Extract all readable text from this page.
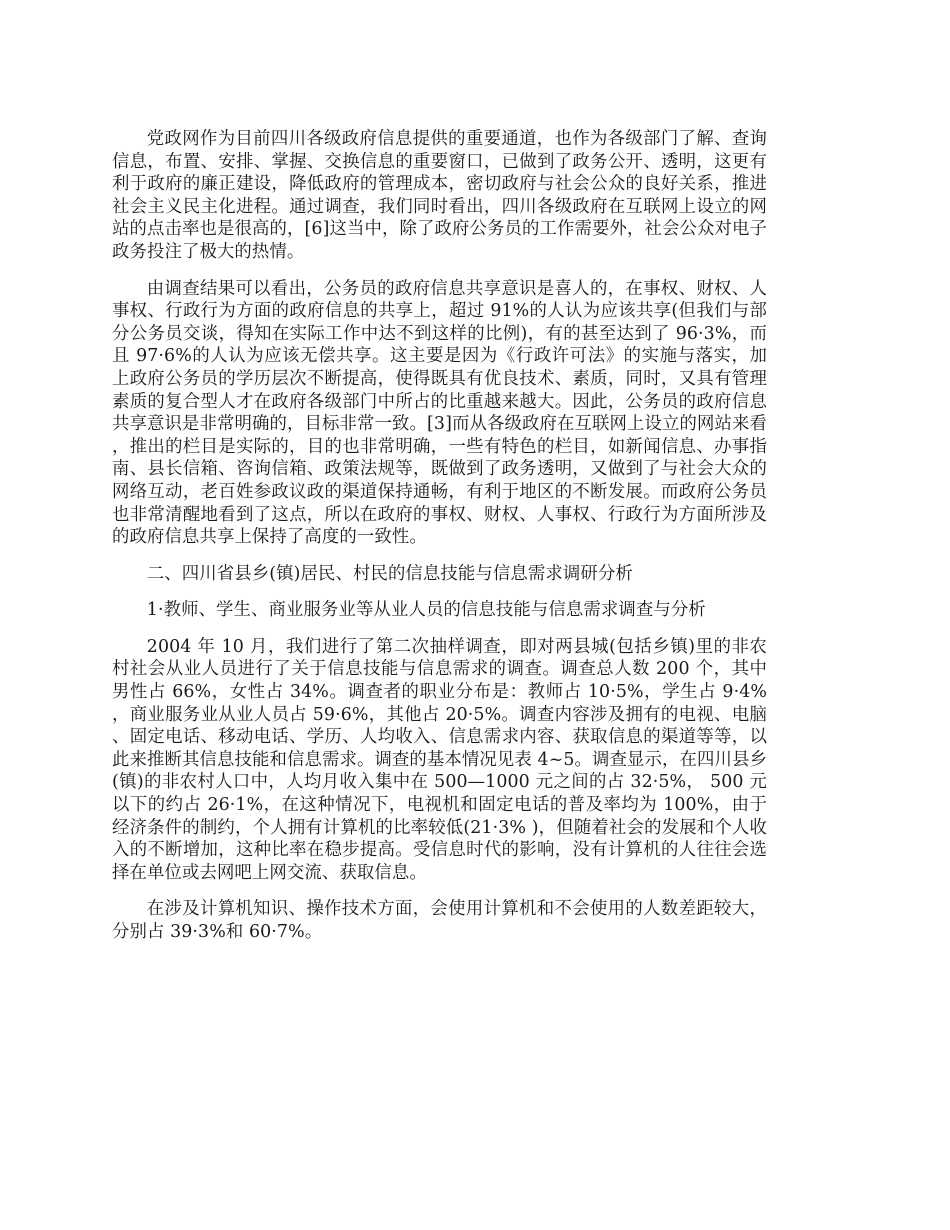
党政网作为目前四川各级政府信息提供的重要通道，也作为各级部门了解、查询信息，布置、安排、掌握、交换信息的重要窗口，已做到了政务公开、透明，这更有利于政府的廉正建设，降低政府的管理成本，密切政府与社会公众的良好关系，推进社会主义民主化进程。通过调查，我们同时看出，四川各级政府在互联网上设立的网站的点击率也是很高的，[6]这当中，除了政府公务员的工作需要外，社会公众对电子政务投注了极大的热情。

由调查结果可以看出，公务员的政府信息共享意识是喜人的，在事权、财权、人事权、行政行为方面的政府信息的共享上，超过 91%的人认为应该共享(但我们与部分公务员交谈，得知在实际工作中达不到这样的比例)，有的甚至达到了 96·3%，而且 97·6%的人认为应该无偿共享。这主要是因为《行政许可法》的实施与落实，加上政府公务员的学历层次不断提高，使得既具有优良技术、素质，同时，又具有管理素质的复合型人才在政府各级部门中所占的比重越来越大。因此，公务员的政府信息共享意识是非常明确的，目标非常一致。[3]而从各级政府在互联网上设立的网站来看，推出的栏目是实际的，目的也非常明确，一些有特色的栏目，如新闻信息、办事指南、县长信箱、咨询信箱、政策法规等，既做到了政务透明，又做到了与社会大众的网络互动，老百姓参政议政的渠道保持通畅，有利于地区的不断发展。而政府公务员也非常清醒地看到了这点，所以在政府的事权、财权、人事权、行政行为方面所涉及的政府信息共享上保持了高度的一致性。

二、四川省县乡(镇)居民、村民的信息技能与信息需求调研分析

1·教师、学生、商业服务业等从业人员的信息技能与信息需求调查与分析

2004 年 10 月，我们进行了第二次抽样调查，即对两县城(包括乡镇)里的非农村社会从业人员进行了关于信息技能与信息需求的调查。调查总人数 200 个，其中男性占 66%，女性占 34%。调查者的职业分布是：教师占 10·5%，学生占 9·4%，商业服务业从业人员占 59·6%，其他占 20·5%。调查内容涉及拥有的电视、电脑、固定电话、移动电话、学历、人均收入、信息需求内容、获取信息的渠道等等，以此来推断其信息技能和信息需求。调查的基本情况见表 4~5。调查显示，在四川县乡(镇)的非农村人口中，人均月收入集中在 500—1000 元之间的占 32·5%， 500 元以下的约占 26·1%，在这种情况下，电视机和固定电话的普及率均为 100%，由于经济条件的制约，个人拥有计算机的比率较低(21·3% )，但随着社会的发展和个人收入的不断增加，这种比率在稳步提高。受信息时代的影响，没有计算机的人往往会选择在单位或去网吧上网交流、获取信息。

在涉及计算机知识、操作技术方面，会使用计算机和不会使用的人数差距较大，分别占 39·3%和 60·7%。
